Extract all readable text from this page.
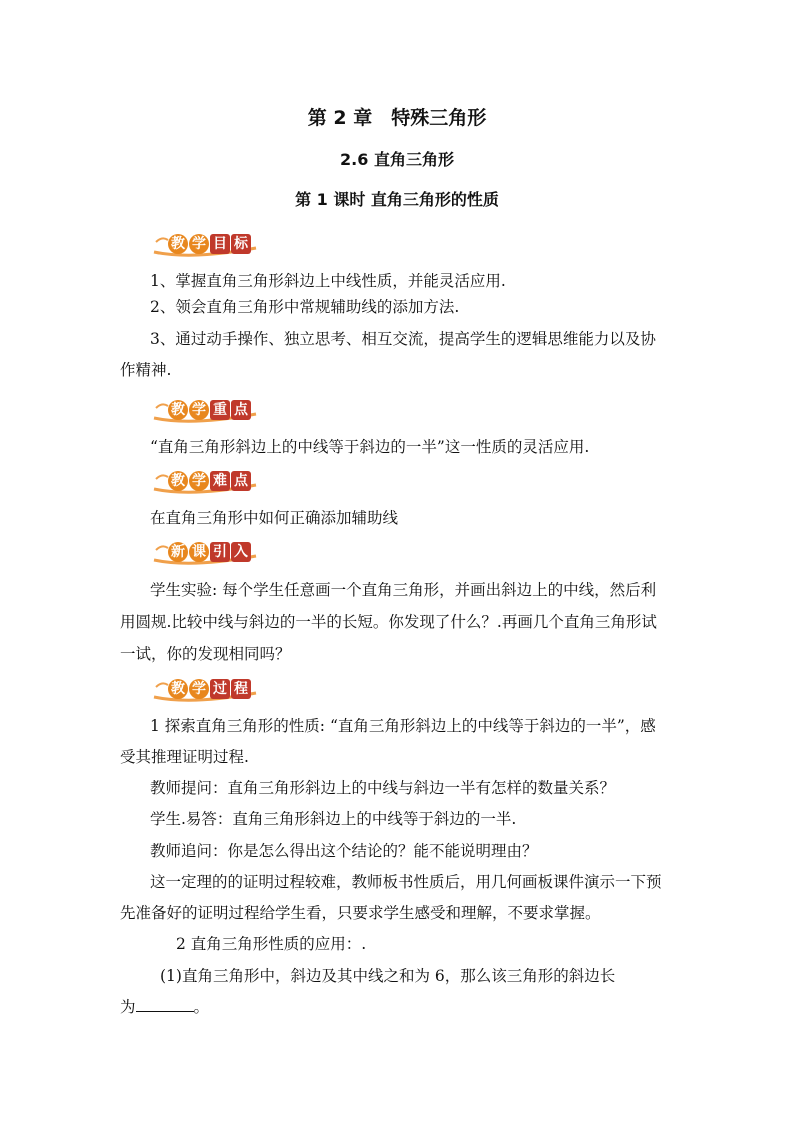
第 2 章　特殊三角形
2.6 直角三角形
第 1 课时 直角三角形的性质
教 学 目 标
1、掌握直角三角形斜边上中线性质，并能灵活应用.
2、领会直角三角形中常规辅助线的添加方法.
3、通过动手操作、独立思考、相互交流，提高学生的逻辑思维能力以及协
作精神.
教 学 重 点
“直角三角形斜边上的中线等于斜边的一半”这一性质的灵活应用.
教 学 难 点
在直角三角形中如何正确添加辅助线
新 课 引 入
学生实验: 每个学生任意画一个直角三角形，并画出斜边上的中线，然后利
用圆规.比较中线与斜边的一半的长短。你发现了什么？.再画几个直角三角形试
一试，你的发现相同吗？
教 学 过 程
1 探索直角三角形的性质: “直角三角形斜边上的中线等于斜边的一半”，感
受其推理证明过程.
教师提问：直角三角形斜边上的中线与斜边一半有怎样的数量关系？
学生.易答：直角三角形斜边上的中线等于斜边的一半.
教师追问：你是怎么得出这个结论的？能不能说明理由？
这一定理的的证明过程较难，教师板书性质后，用几何画板课件演示一下预
先准备好的证明过程给学生看，只要求学生感受和理解，不要求掌握。
2 直角三角形性质的应用：.
(1)直角三角形中，斜边及其中线之和为 6，那么该三角形的斜边长
为	。
